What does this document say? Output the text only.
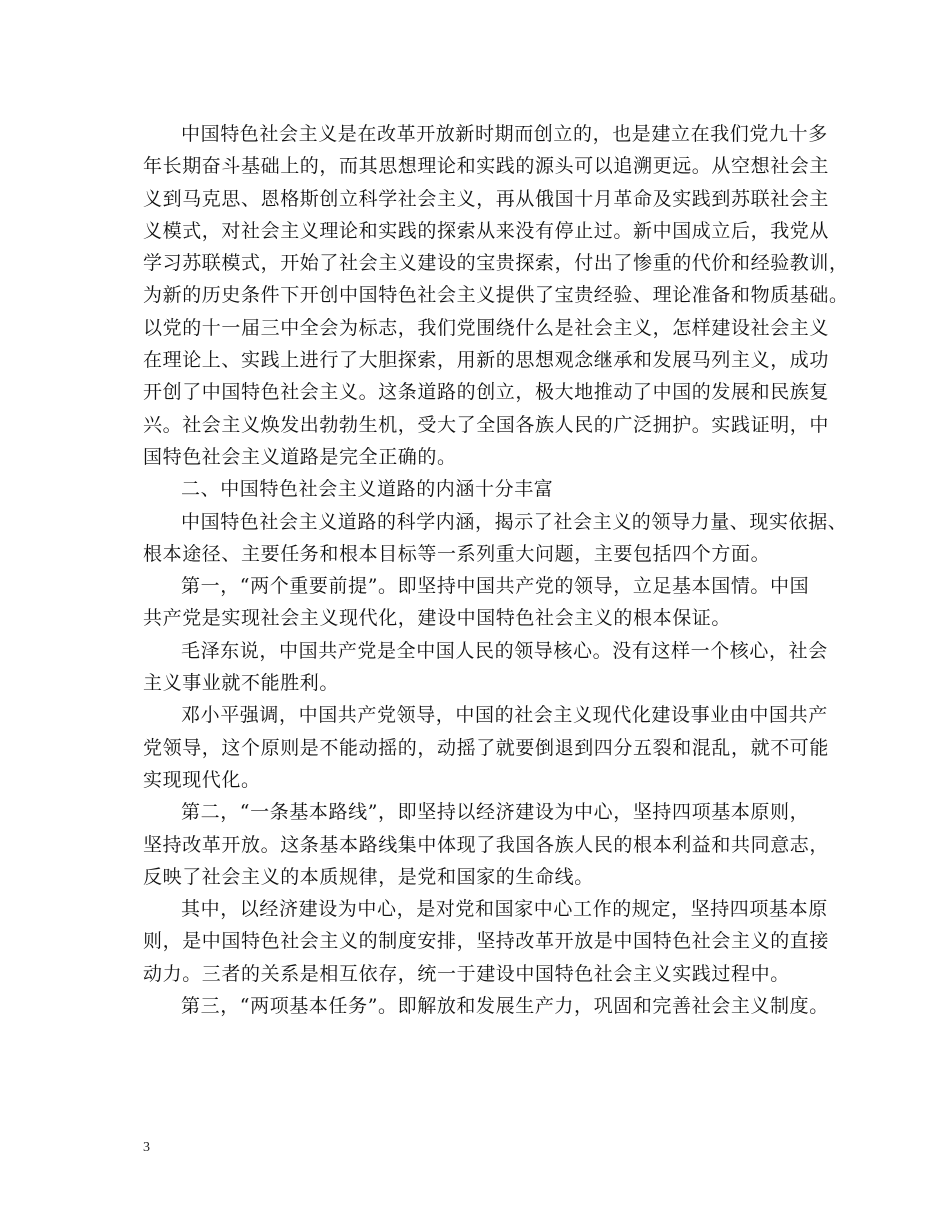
中国特色社会主义是在改革开放新时期而创立的，也是建立在我们党九十多
年长期奋斗基础上的，而其思想理论和实践的源头可以追溯更远。从空想社会主
义到马克思、恩格斯创立科学社会主义，再从俄国十月革命及实践到苏联社会主
义模式，对社会主义理论和实践的探索从来没有停止过。新中国成立后，我党从
学习苏联模式，开始了社会主义建设的宝贵探索，付出了惨重的代价和经验教训，
为新的历史条件下开创中国特色社会主义提供了宝贵经验、理论准备和物质基础。
以党的十一届三中全会为标志，我们党围绕什么是社会主义，怎样建设社会主义
在理论上、实践上进行了大胆探索，用新的思想观念继承和发展马列主义，成功
开创了中国特色社会主义。这条道路的创立，极大地推动了中国的发展和民族复
兴。社会主义焕发出勃勃生机，受大了全国各族人民的广泛拥护。实践证明，中
国特色社会主义道路是完全正确的。
二、中国特色社会主义道路的内涵十分丰富
中国特色社会主义道路的科学内涵，揭示了社会主义的领导力量、现实依据、
根本途径、主要任务和根本目标等一系列重大问题，主要包括四个方面。
第一，“两个重要前提”。即坚持中国共产党的领导，立足基本国情。中国
共产党是实现社会主义现代化，建设中国特色社会主义的根本保证。
毛泽东说，中国共产党是全中国人民的领导核心。没有这样一个核心，社会
主义事业就不能胜利。
邓小平强调，中国共产党领导，中国的社会主义现代化建设事业由中国共产
党领导，这个原则是不能动摇的，动摇了就要倒退到四分五裂和混乱，就不可能
实现现代化。
第二，“一条基本路线”，即坚持以经济建设为中心，坚持四项基本原则，
坚持改革开放。这条基本路线集中体现了我国各族人民的根本利益和共同意志，
反映了社会主义的本质规律，是党和国家的生命线。
其中，以经济建设为中心，是对党和国家中心工作的规定，坚持四项基本原
则，是中国特色社会主义的制度安排，坚持改革开放是中国特色社会主义的直接
动力。三者的关系是相互依存，统一于建设中国特色社会主义实践过程中。
第三，“两项基本任务”。即解放和发展生产力，巩固和完善社会主义制度。
3
